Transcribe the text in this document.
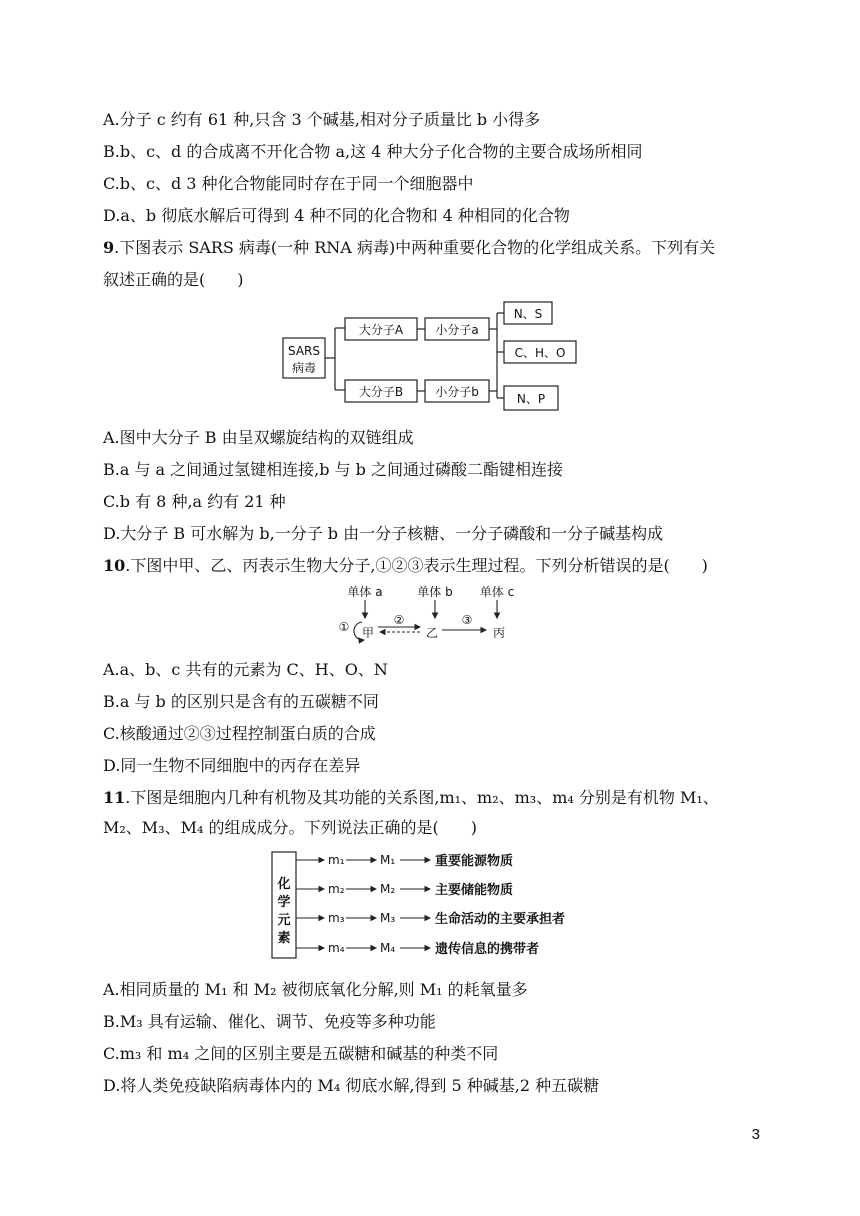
A.分子 c 约有 61 种,只含 3 个碱基,相对分子质量比 b 小得多
B.b、c、d 的合成离不开化合物 a,这 4 种大分子化合物的主要合成场所相同
C.b、c、d 3 种化合物能同时存在于同一个细胞器中
D.a、b 彻底水解后可得到 4 种不同的化合物和 4 种相同的化合物
9.下图表示 SARS 病毒(一种 RNA 病毒)中两种重要化合物的化学组成关系。下列有关
叙述正确的是(　　)
SARS
病毒
大分子A	小分子a
大分子B	小分子b
N、S
C、H、O
N、P
A.图中大分子 B 由呈双螺旋结构的双链组成
B.a 与 a 之间通过氢键相连接,b 与 b 之间通过磷酸二酯键相连接
C.b 有 8 种,a 约有 21 种
D.大分子 B 可水解为 b,一分子 b 由一分子核糖、一分子磷酸和一分子碱基构成
10.下图中甲、乙、丙表示生物大分子,①②③表示生理过程。下列分析错误的是(　　)
单体 a	单体 b 单体 c
①	②	③
甲	乙	丙
A.a、b、c 共有的元素为 C、H、O、N
B.a 与 b 的区别只是含有的五碳糖不同
C.核酸通过②③过程控制蛋白质的合成
D.同一生物不同细胞中的丙存在差异
11.下图是细胞内几种有机物及其功能的关系图,m₁、m₂、m₃、m₄ 分别是有机物 M₁、
M₂、M₃、M₄ 的组成成分。下列说法正确的是(　　)
化
学
元
素
m₁
m₂
m₃
m₄
M₁
M₂
M₃
M₄
重要能源物质
主要储能物质
生命活动的主要承担者
遗传信息的携带者
A.相同质量的 M₁ 和 M₂ 被彻底氧化分解,则 M₁ 的耗氧量多
B.M₃ 具有运输、催化、调节、免疫等多种功能
C.m₃ 和 m₄ 之间的区别主要是五碳糖和碱基的种类不同
D.将人类免疫缺陷病毒体内的 M₄ 彻底水解,得到 5 种碱基,2 种五碳糖
3
